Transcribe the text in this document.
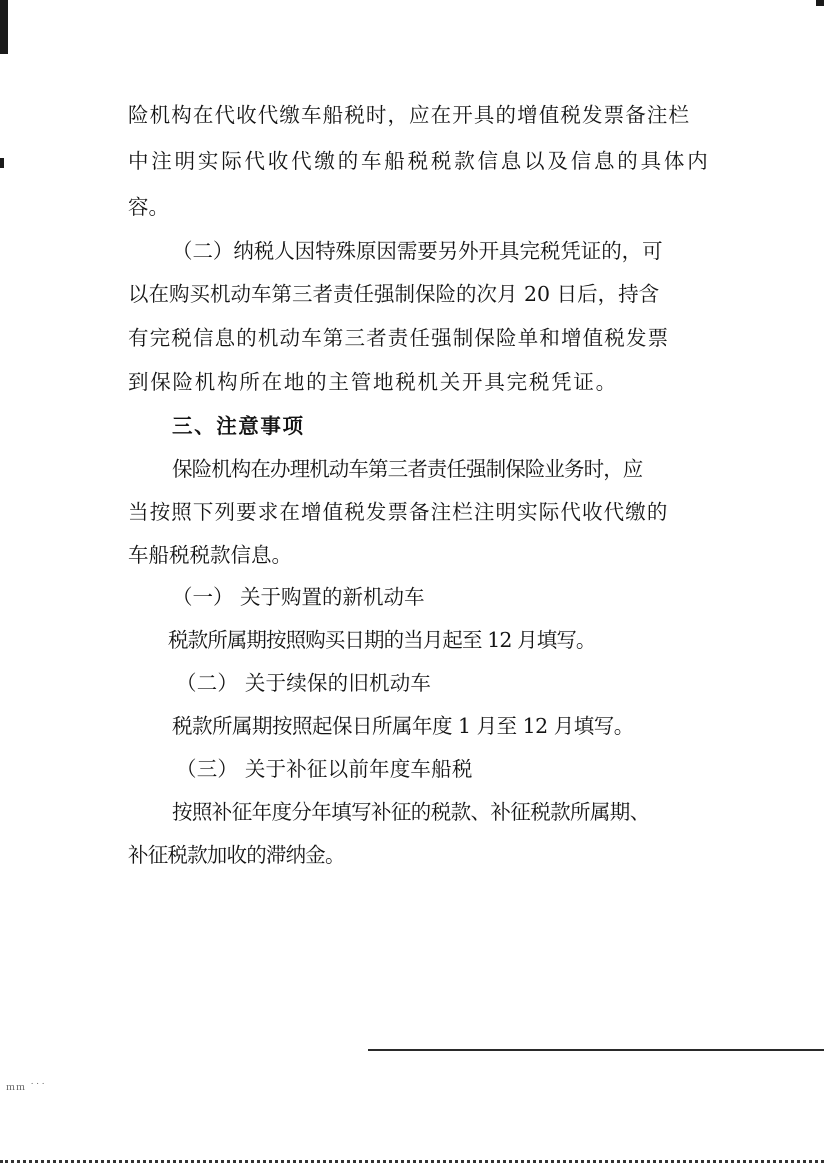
险机构在代收代缴车船税时，应在开具的增值税发票备注栏
中注明实际代收代缴的车船税税款信息以及信息的具体内
容。
（二）纳税人因特殊原因需要另外开具完税凭证的，可
以在购买机动车第三者责任强制保险的次月 20 日后，持含
有完税信息的机动车第三者责任强制保险单和增值税发票
到保险机构所在地的主管地税机关开具完税凭证。
三、注意事项
保险机构在办理机动车第三者责任强制保险业务时，应
当按照下列要求在增值税发票备注栏注明实际代收代缴的
车船税税款信息。
（一） 关于购置的新机动车
税款所属期按照购买日期的当月起至 12 月填写。
（二） 关于续保的旧机动车
税款所属期按照起保日所属年度 1 月至 12 月填写。
（三） 关于补征以前年度车船税
按照补征年度分年填写补征的税款、补征税款所属期、
补征税款加收的滞纳金。
ｍｍ ˙˙˙
